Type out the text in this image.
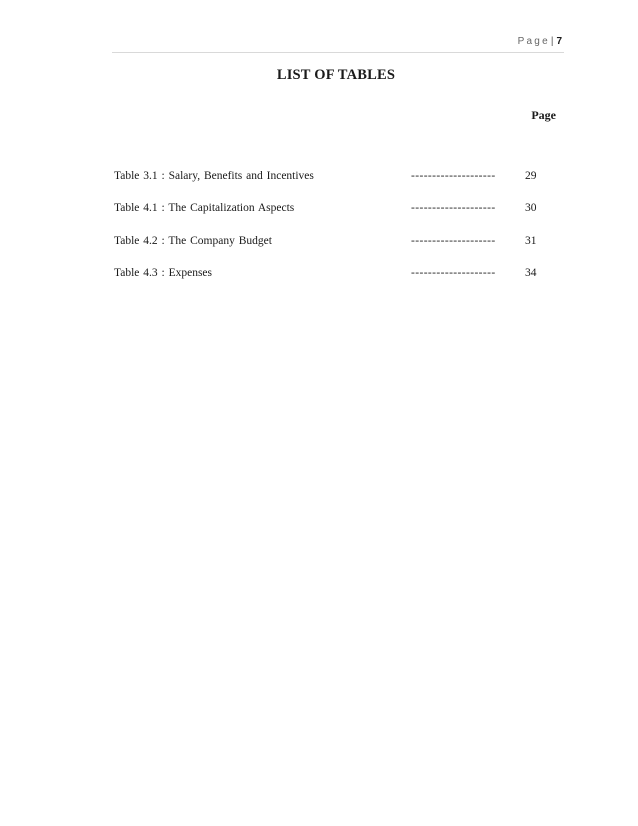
Page| 7
LIST OF TABLES
Page
Table 3.1 : Salary, Benefits and Incentives	--------------------	29
Table 4.1 : The Capitalization Aspects	--------------------	30
Table 4.2 : The Company Budget	--------------------	31
Table 4.3 : Expenses	--------------------	34
